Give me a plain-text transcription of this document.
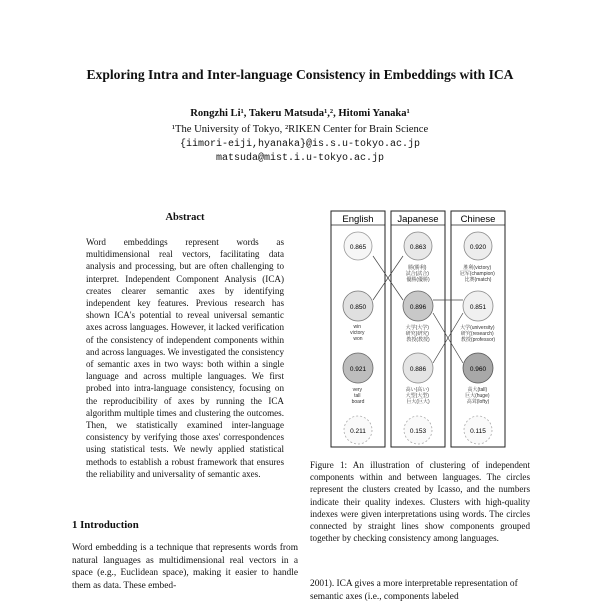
Exploring Intra and Inter-language Consistency in Embeddings with ICA
Rongzhi Li¹, Takeru Matsuda¹,², Hitomi Yanaka¹
¹The University of Tokyo, ²RIKEN Center for Brain Science
{iimori-eiji,hyanaka}@is.s.u-tokyo.ac.jp
matsuda@mist.i.u-tokyo.ac.jp
Abstract
Word embeddings represent words as multidimensional real vectors, facilitating data analysis and processing, but are often challenging to interpret. Independent Component Analysis (ICA) creates clearer semantic axes by identifying independent key features. Previous research has shown ICA's potential to reveal universal semantic axes across languages. However, it lacked verification of the consistency of independent components within and across languages. We investigated the consistency of semantic axes in two ways: both within a single language and across multiple languages. We first probed into intra-language consistency, focusing on the reproducibility of axes by running the ICA algorithm multiple times and clustering the outcomes. Then, we statistically examined inter-language consistency by verifying those axes' correspondences using statistical tests. We newly applied statistical methods to establish a robust framework that ensures the reliability and universality of semantic axes.
1 Introduction
Word embedding is a technique that represents words from natural languages as multidimensional real vectors in a space (e.g., Euclidean space), making it easier to handle them as data. These embed-
English	Japanese Chinese
0.865
0.850
0.921
0.211
win victory won
very tall board
0.863
0.896
0.886
0.153
勝(勝利) 試合(試合) 優勝(優勝)
大学(大学) 研究(研究) 教授(教授)
高い(高い) 大型(大型) 巨大(巨大)
0.920
0.851
0.960
0.115
胜利(victory) 冠军(champion) 比赛(match)
大学(university) 研究(research) 教授(professor)
高大(tall) 巨大(huge) 高耸(lofty)
Figure 1: An illustration of clustering of independent components within and between languages. The circles represent the clusters created by Icasso, and the numbers indicate their quality indexes. Clusters with high-quality indexes were given interpretations using words. The circles connected by straight lines show components grouped together by checking consistency among languages.
2001). ICA gives a more interpretable representation of semantic axes (i.e., components labeled
